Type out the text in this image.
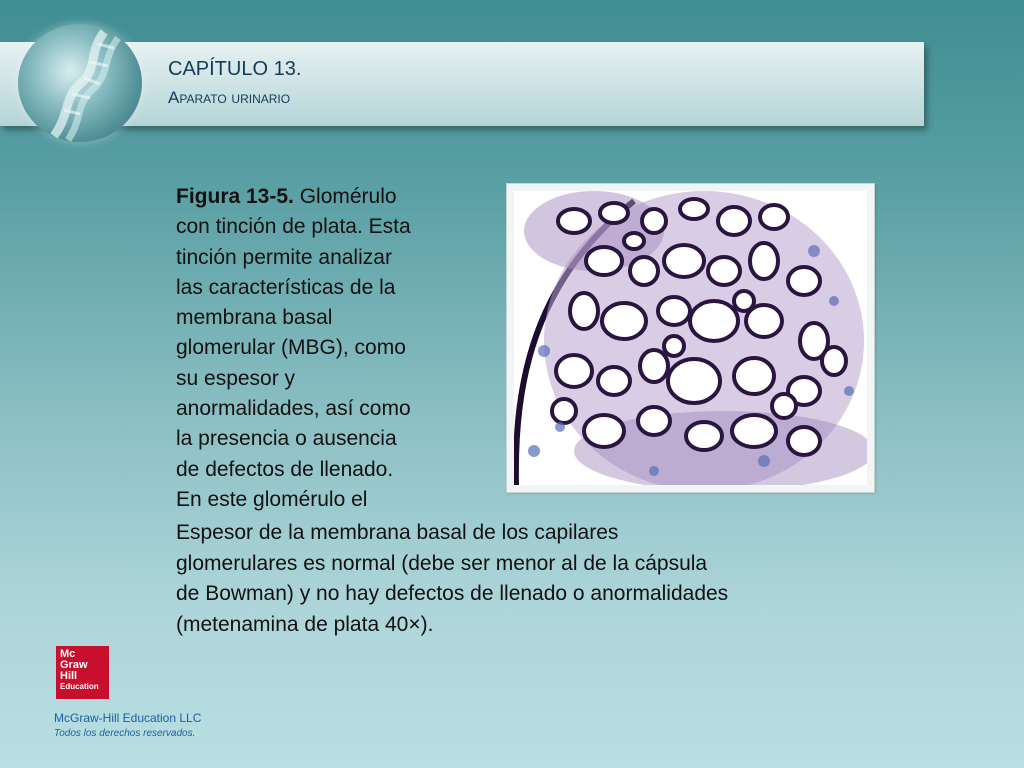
CAPÍTULO 13.
Aparato urinario
Figura 13-5. Glomérulo
con tinción de plata. Esta
tinción permite analizar
las características de la
membrana basal
glomerular (MBG), como
su espesor y
anormalidades, así como
la presencia o ausencia
de defectos de llenado.
En este glomérulo el
Espesor de la membrana basal de los capilares
glomerulares es normal (debe ser menor al de la cápsula
de Bowman) y no hay defectos de llenado o anormalidades
(metenamina de plata 40×).
Mc
Graw
Hill
Education
McGraw-Hill Education LLC
Todos los derechos reservados.
